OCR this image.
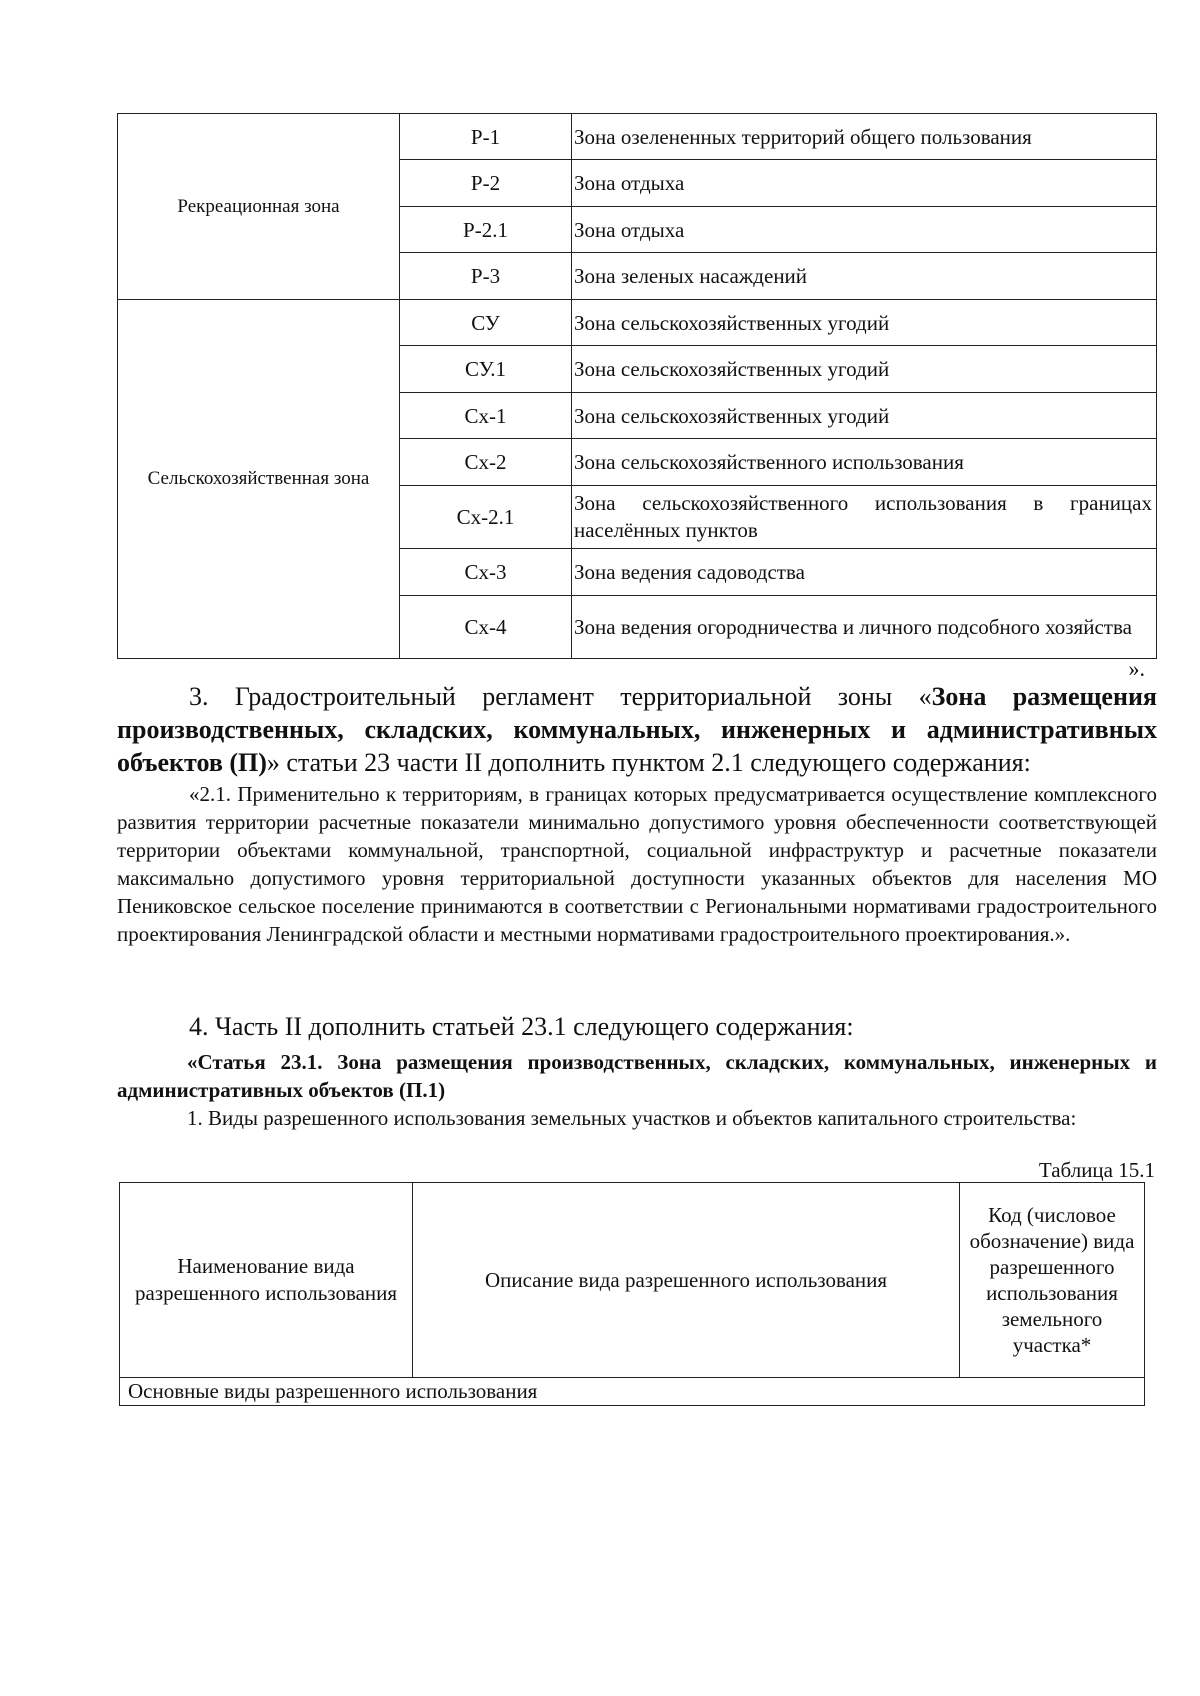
Рекреационная зона	Р-1	Зона озелененных территорий общего пользования
	Р-2	Зона отдыха
	Р-2.1	Зона отдыха
	Р-3	Зона зеленых насаждений
Сельскохозяйственная зона	СУ	Зона сельскохозяйственных угодий
	СУ.1	Зона сельскохозяйственных угодий
	Сх-1	Зона сельскохозяйственных угодий
	Сх-2	Зона сельскохозяйственного использования
	Сх-2.1	Зона сельскохозяйственного использования в границах населённых пунктов
	Сх-3	Зона ведения садоводства
	Сх-4	Зона ведения огородничества и личного подсобного хозяйства
».

3. Градостроительный регламент территориальной зоны «Зона размещения производственных, складских, коммунальных, инженерных и административных объектов (П)» статьи 23 части II дополнить пунктом 2.1 следующего содержания:

«2.1. Применительно к территориям, в границах которых предусматривается осуществление комплексного развития территории расчетные показатели минимально допустимого уровня обеспеченности соответствующей территории объектами коммунальной, транспортной, социальной инфраструктур и расчетные показатели максимально допустимого уровня территориальной доступности указанных объектов для населения МО Пениковское сельское поселение принимаются в соответствии с Региональными нормативами градостроительного проектирования Ленинградской области и местными нормативами градостроительного проектирования.».

4. Часть II дополнить статьей 23.1 следующего содержания:

«Статья 23.1. Зона размещения производственных, складских, коммунальных, инженерных и административных объектов (П.1)

1. Виды разрешенного использования земельных участков и объектов капитального строительства:

Таблица 15.1
Наименование вида разрешенного использования	Описание вида разрешенного использования	Код (числовое обозначение) вида разрешенного использования земельного участка*
Основные виды разрешенного использования
